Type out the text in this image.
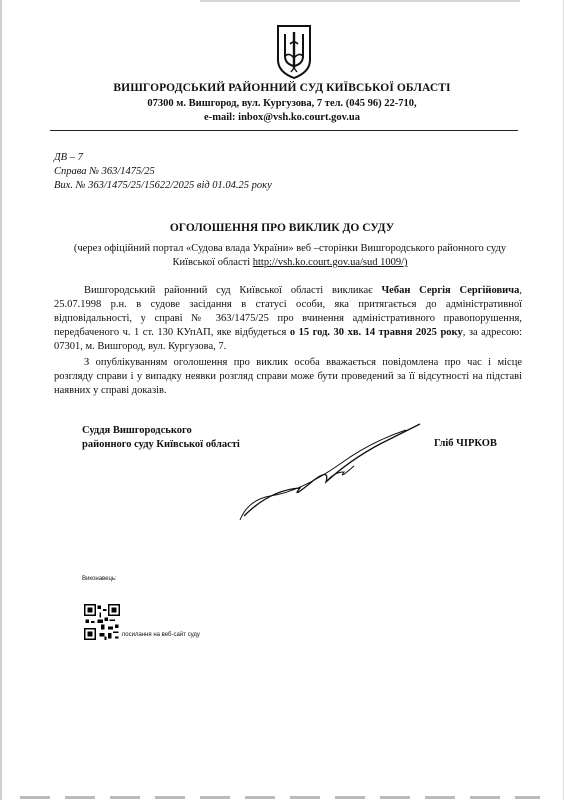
ВИШГОРОДСЬКИЙ РАЙОННИЙ СУД КИЇВСЬКОЇ ОБЛАСТІ
07300 м. Вишгород, вул. Кургузова, 7 тел. (045 96) 22-710,
e-mail: inbox@vsh.ko.court.gov.ua
ДВ – 7
Справа № 363/1475/25
Вих. № 363/1475/25/15622/2025 від 01.04.25 року
ОГОЛОШЕННЯ ПРО ВИКЛИК ДО СУДУ
(через офіційний портал «Судова влада України» веб –сторінки Вишгородського районного суду Київської області http://vsh.ko.court.gov.ua/sud 1009/)
Вишгородський районний суд Київської області викликає Чебан Сергія Сергійовича, 25.07.1998 р.н. в судове засідання в статусі особи, яка притягається до адміністративної відповідальності, у справі № 363/1475/25 про вчинення адміністративного правопорушення, передбаченого ч. 1 ст. 130 КУпАП, яке відбудеться о 15 год. 30 хв. 14 травня 2025 року, за адресою: 07301, м. Вишгород, вул. Кургузова, 7.
З опублікуванням оголошення про виклик особа вважається повідомлена про час і місце розгляду справи і у випадку неявки розгляд справи може бути проведений за її відсутності на підставі наявних у справі доказів.
Суддя Вишгородського
районного суду Київської області	Гліб ЧІРКОВ
Виконавець:
посилання на веб-сайт суду
